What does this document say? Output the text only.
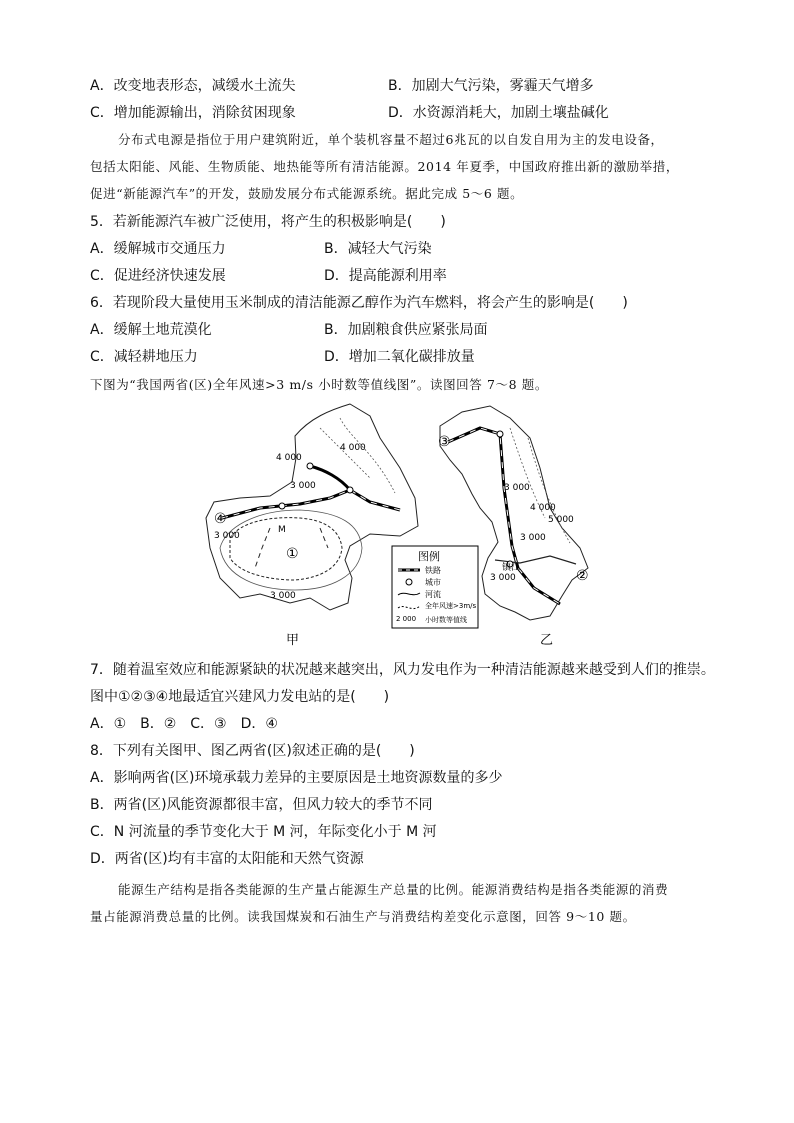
A．改变地表形态，减缓水土流失	B．加剧大气污染，雾霾天气增多
C．增加能源输出，消除贫困现象	D．水资源消耗大，加剧土壤盐碱化
分布式电源是指位于用户建筑附近，单个装机容量不超过6兆瓦的以自发自用为主的发电设备，
包括太阳能、风能、生物质能、地热能等所有清洁能源。2014 年夏季，中国政府推出新的激励举措，
促进“新能源汽车”的开发，鼓励发展分布式能源系统。据此完成 5～6 题。
5．若新能源汽车被广泛使用，将产生的积极影响是(　　)
A．缓解城市交通压力	B．减轻大气污染
C．促进经济快速发展	D．提高能源利用率
6．若现阶段大量使用玉米制成的清洁能源乙醇作为汽车燃料，将会产生的影响是(　　)
A．缓解土地荒漠化	B．加剧粮食供应紧张局面
C．减轻耕地压力	D．增加二氧化碳排放量
下图为“我国两省(区)全年风速>3 m/s 小时数等值线图”。读图回答 7～8 题。
④
①
③
②
M
镇江
4 000
4 000
3 000
3 000
3 000
3 000
4 000
5 000
3 000
3 000
图例
铁路
城市
河流
全年风速>3m/s
2 000 小时数等值线
甲	乙
7．随着温室效应和能源紧缺的状况越来越突出，风力发电作为一种清洁能源越来越受到人们的推崇。
图中①②③④地最适宜兴建风力发电站的是(　　)
A．①　B．②　C．③　D．④
8．下列有关图甲、图乙两省(区)叙述正确的是(　　)
A．影响两省(区)环境承载力差异的主要原因是土地资源数量的多少
B．两省(区)风能资源都很丰富，但风力较大的季节不同
C．N 河流量的季节变化大于 M 河，年际变化小于 M 河
D．两省(区)均有丰富的太阳能和天然气资源
能源生产结构是指各类能源的生产量占能源生产总量的比例。能源消费结构是指各类能源的消费
量占能源消费总量的比例。读我国煤炭和石油生产与消费结构差变化示意图，回答 9～10 题。
